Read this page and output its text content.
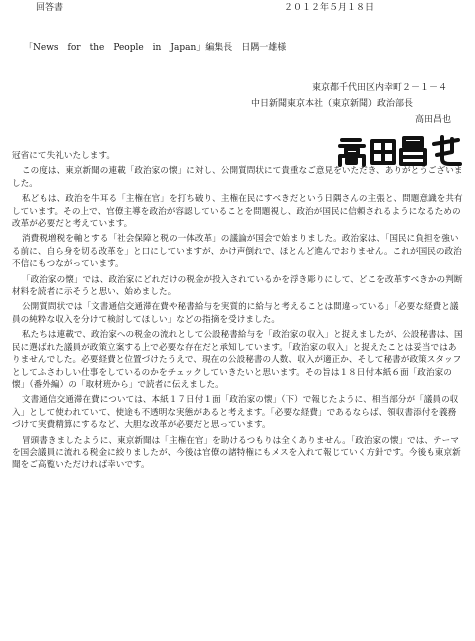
回答書	２０１２年５月１８日
「News　for　the　People　in　Japan」編集長　日隅一雄様
東京都千代田区内幸町２－１－４
中日新聞東京本社（東京新聞）政治部長
高田昌也

冠省にて失礼いたします。

この度は、東京新聞の連載「政治家の懐」に対し、公開質問状にて貴重なご意見をいただき、ありがとうございました。

私どもは、政治を牛耳る「主権在官」を打ち破り、主権在民にすべきだという日隅さんの主張と、問題意識を共有しています。その上で、官僚主導を政治が容認していることを問題視し、政治が国民に信頼されるようになるための改革が必要だと考えています。

消費税増税を軸とする「社会保障と税の一体改革」の議論が国会で始まりました。政治家は、「国民に負担を強いる前に、自ら身を切る改革を」と口にしていますが、かけ声倒れで、ほとんど進んでおりません。これが国民の政治不信にもつながっています。

「政治家の懐」では、政治家にどれだけの税金が投入されているかを浮き彫りにして、どこを改革すべきかの判断材料を読者に示そうと思い、始めました。

公開質問状では「文書通信交通滞在費や秘書給与を実質的に給与と考えることは間違っている」「必要な経費と議員の純粋な収入を分けて検討してほしい」などの指摘を受けました。

私たちは連載で、政治家への税金の流れとして公設秘書給与を「政治家の収入」と捉えましたが、公設秘書は、国民に選ばれた議員が政策立案する上で必要な存在だと承知しています。「政治家の収入」と捉えたことは妥当ではありませんでした。必要経費と位置づけたうえで、現在の公設秘書の人数、収入が適正か、そして秘書が政策スタッフとしてふさわしい仕事をしているのかをチェックしていきたいと思います。その旨は１８日付本紙６面「政治家の懐」（番外編）の「取材班から」で読者に伝えました。

文書通信交通滞在費については、本紙１７日付１面「政治家の懐」（下）で報じたように、相当部分が「議員の収入」として使われていて、使途も不透明な実態があると考えます。「必要な経費」であるならば、領収書添付を義務づけて実費精算にするなど、大胆な改革が必要だと思っています。

冒頭書きましたように、東京新聞は「主権在官」を助けるつもりは全くありません。「政治家の懐」では、テーマを国会議員に流れる税金に絞りましたが、今後は官僚の諸特権にもメスを入れて報じていく方針です。今後も東京新聞をご高覧いただければ幸いです。
